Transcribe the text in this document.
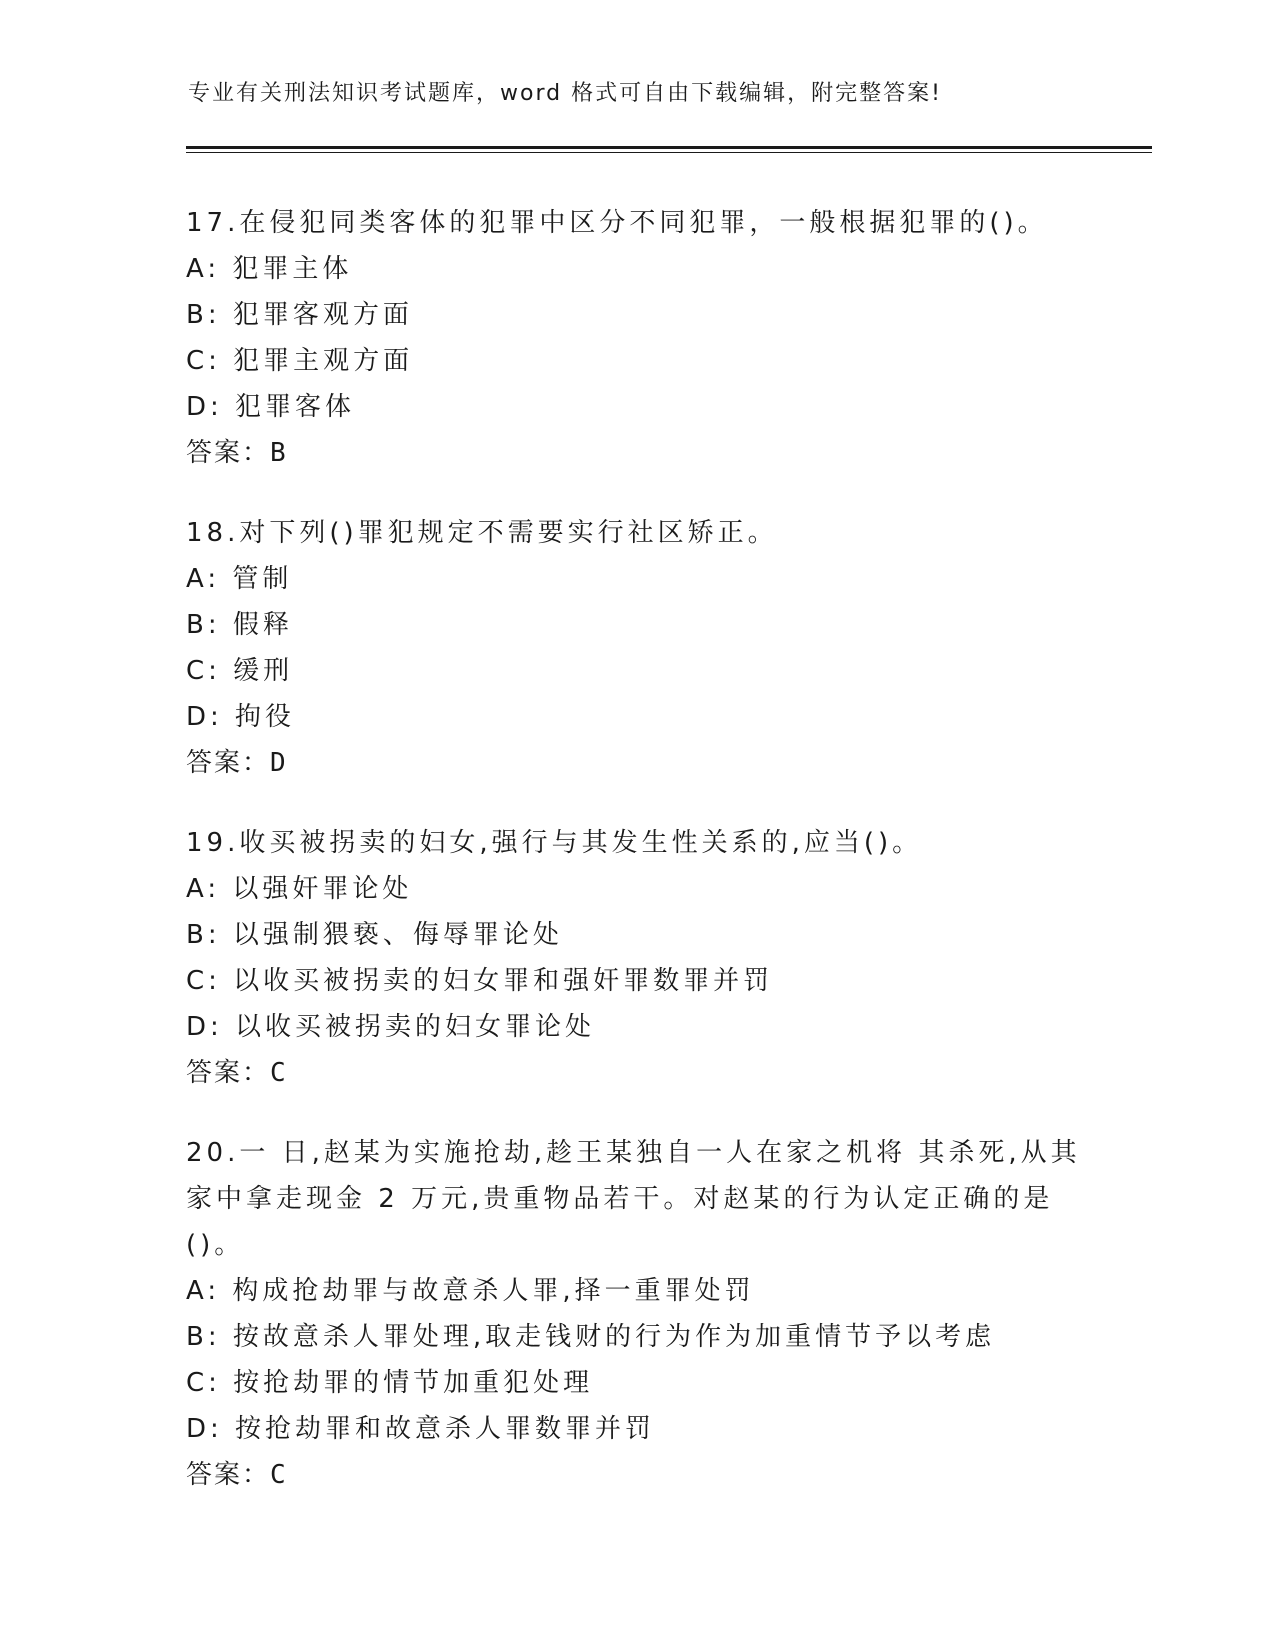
专业有关刑法知识考试题库，word 格式可自由下载编辑，附完整答案!
17.在侵犯同类客体的犯罪中区分不同犯罪，一般根据犯罪的()。
A: 犯罪主体
B: 犯罪客观方面
C: 犯罪主观方面
D: 犯罪客体
答案：B
18.对下列()罪犯规定不需要实行社区矫正。
A: 管制
B: 假释
C: 缓刑
D: 拘役
答案：D
19.收买被拐卖的妇女,强行与其发生性关系的,应当()。
A: 以强奸罪论处
B: 以强制猥亵、侮辱罪论处
C: 以收买被拐卖的妇女罪和强奸罪数罪并罚
D: 以收买被拐卖的妇女罪论处
答案：C
20.一 日,赵某为实施抢劫,趁王某独自一人在家之机将 其杀死,从其
家中拿走现金 2 万元,贵重物品若干。对赵某的行为认定正确的是()。
A: 构成抢劫罪与故意杀人罪,择一重罪处罚
B: 按故意杀人罪处理,取走钱财的行为作为加重情节予以考虑
C: 按抢劫罪的情节加重犯处理
D: 按抢劫罪和故意杀人罪数罪并罚
答案：C
